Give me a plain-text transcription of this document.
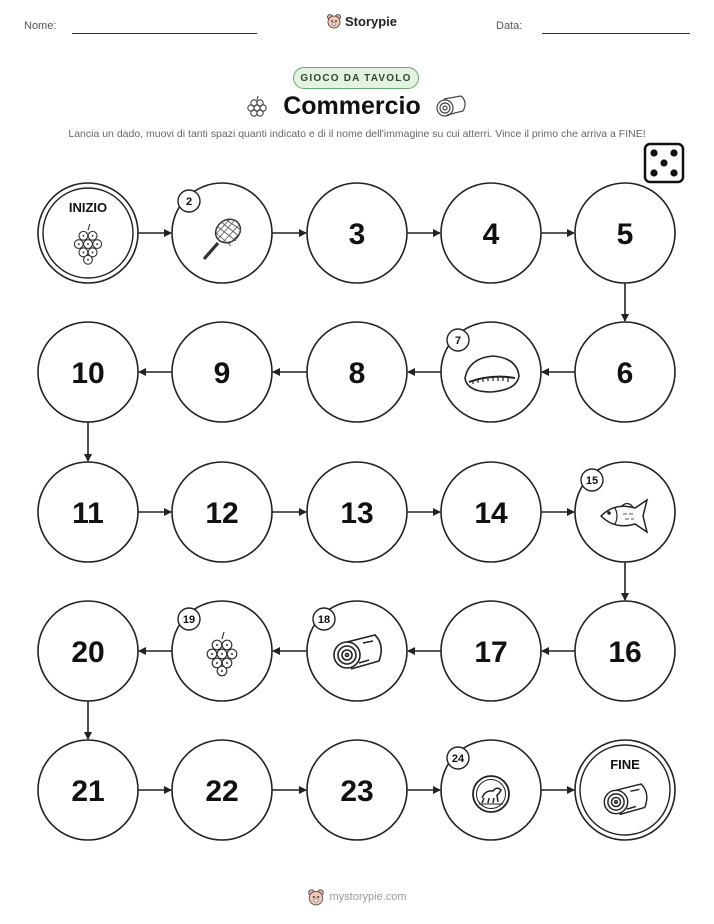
Nome:	Storypie	Data:
GIOCO DA TAVOLO
Commercio
Lancia un dado, muovi di tanti spazi quanti indicato e di il nome dell'immagine su cui atterri. Vince il primo che arriva a FINE!
INIZIO	2
3	4	5
6
7
8
9
10
11	12	13	14
15
16
17
18
19
20
21	22	23
24	FINE
mystorypie.com
